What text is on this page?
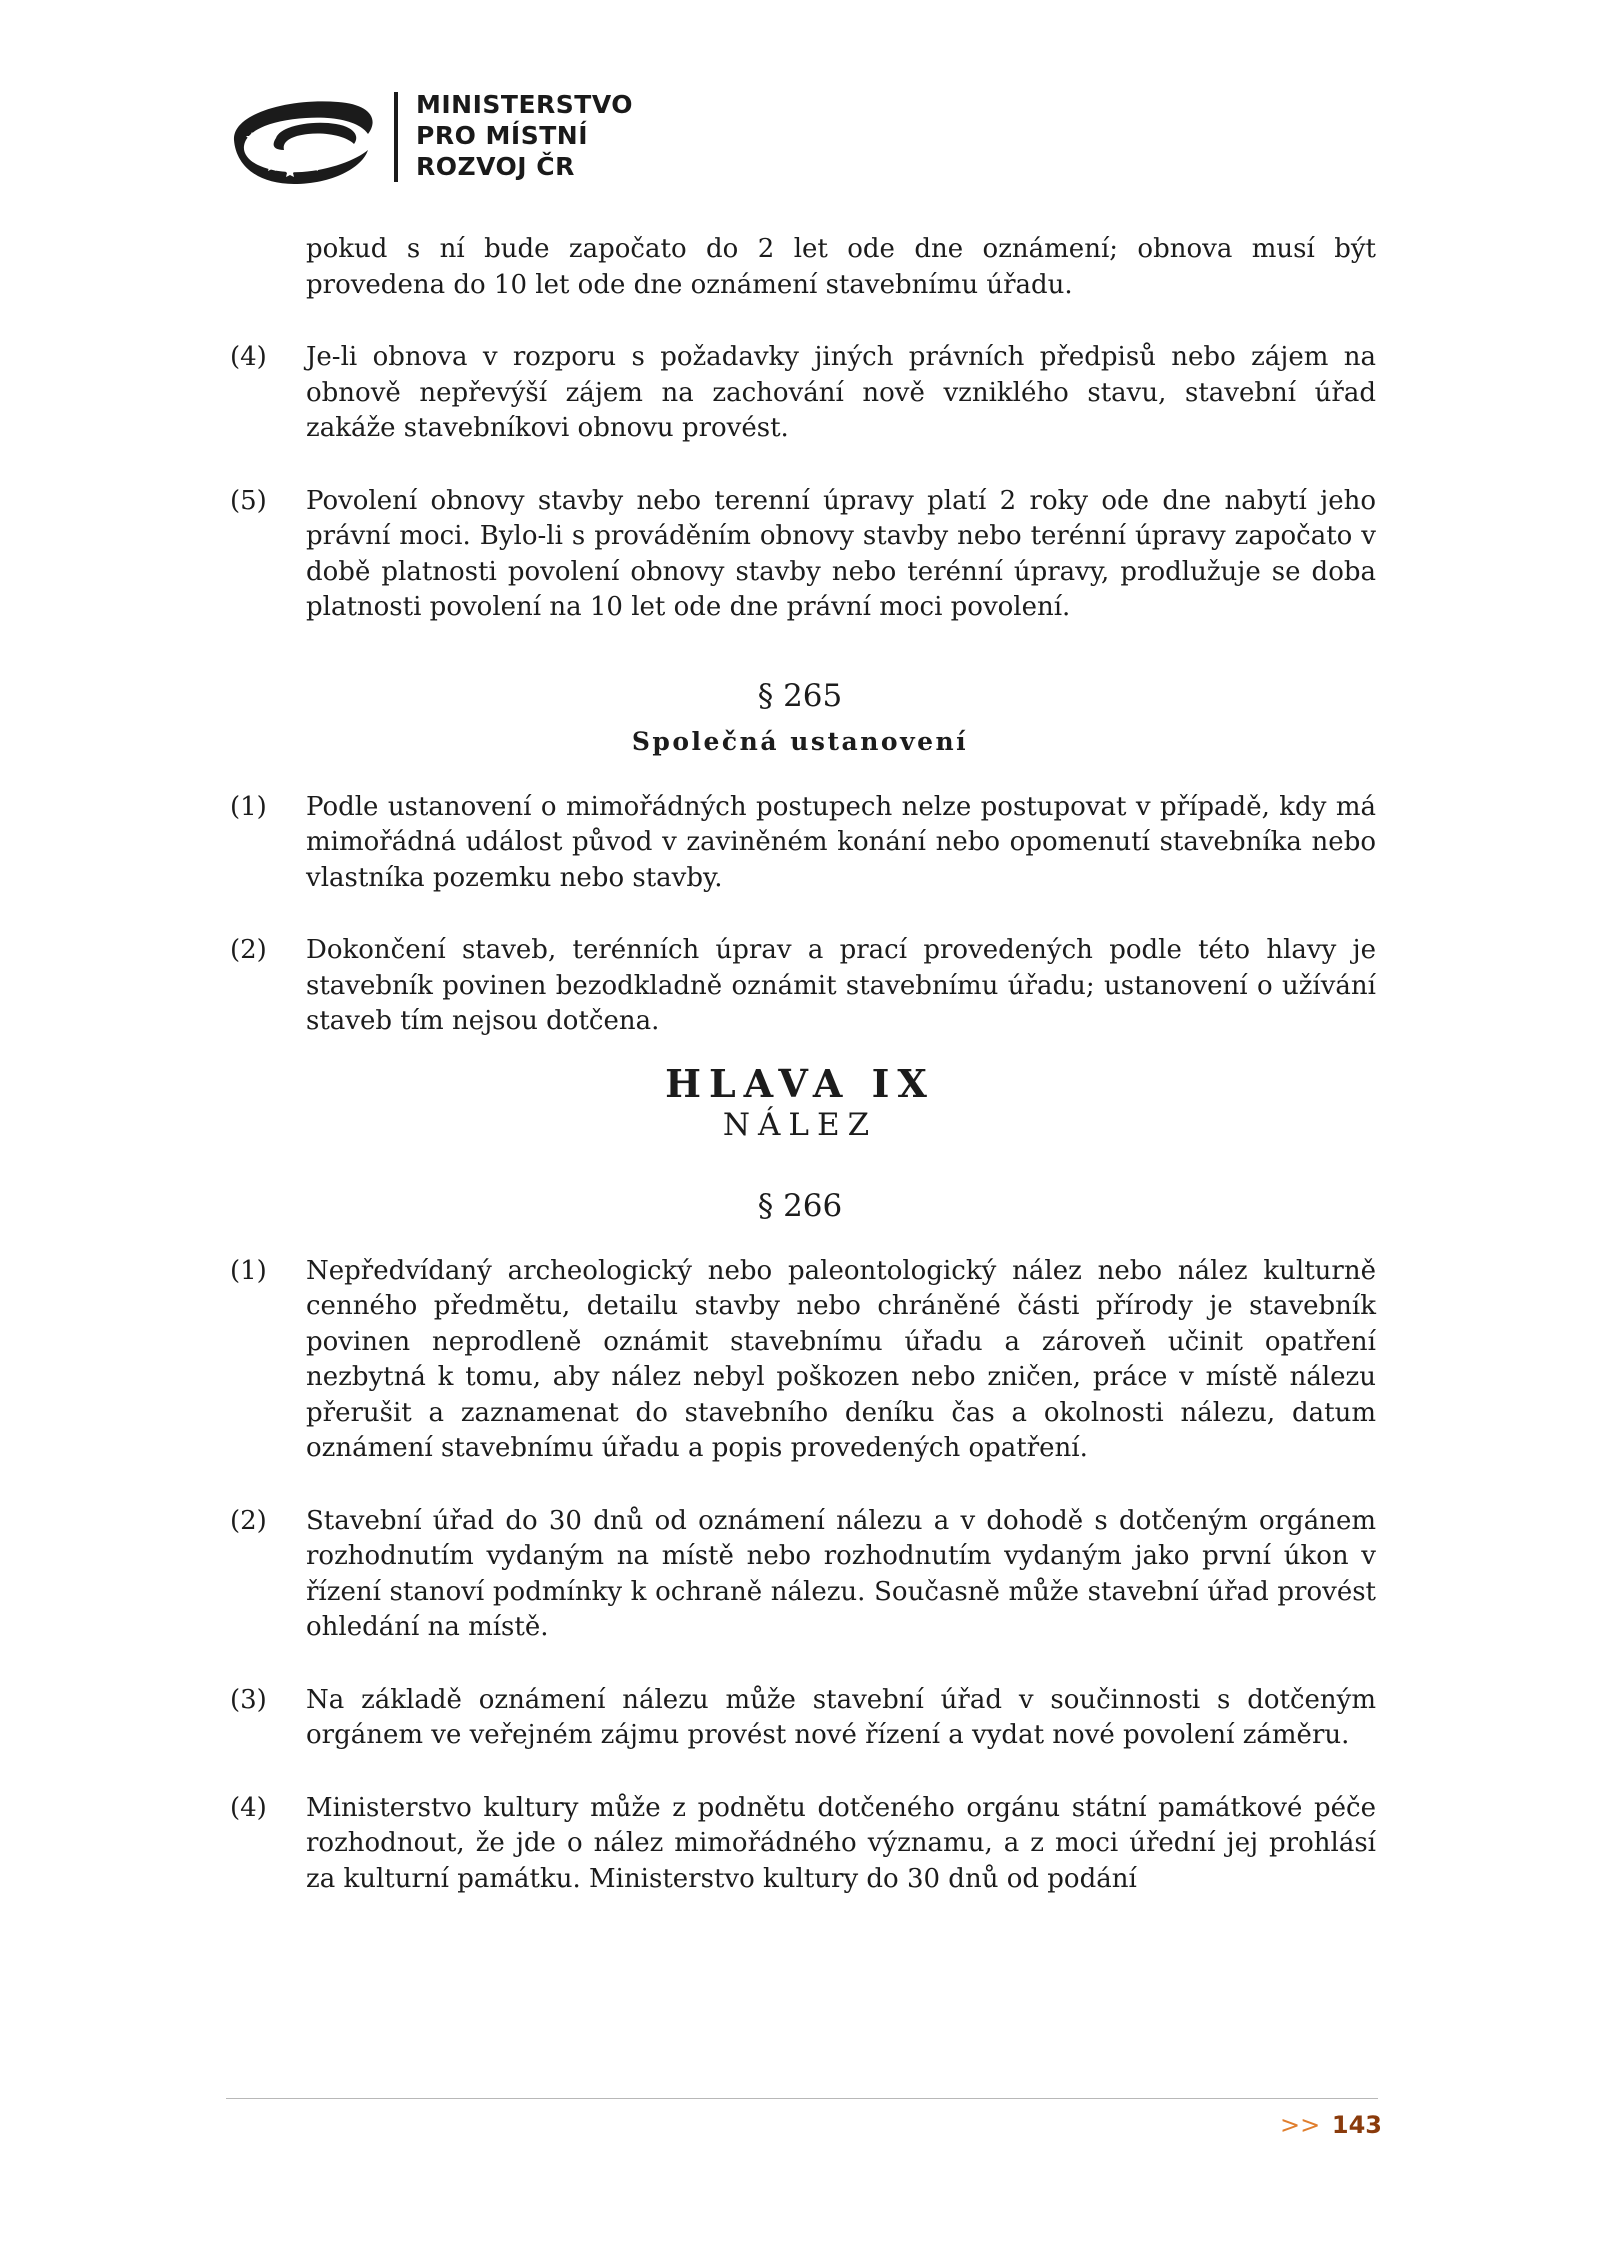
MINISTERSTVO
PRO MÍSTNÍ
ROZVOJ ČR
pokud s ní bude započato do 2 let ode dne oznámení; obnova musí být provedena do 10 let ode dne oznámení stavebnímu úřadu.
(4) Je-li obnova v rozporu s požadavky jiných právních předpisů nebo zájem na obnově nepřevýší zájem na zachování nově vzniklého stavu, stavební úřad zakáže stavebníkovi obnovu provést.
(5) Povolení obnovy stavby nebo terenní úpravy platí 2 roky ode dne nabytí jeho právní moci. Bylo-li s prováděním obnovy stavby nebo terénní úpravy započato v době platnosti povolení obnovy stavby nebo terénní úpravy, prodlužuje se doba platnosti povolení na 10 let ode dne právní moci povolení.
§ 265
Společná ustanovení
(1) Podle ustanovení o mimořádných postupech nelze postupovat v případě, kdy má mimořádná událost původ v zaviněném konání nebo opomenutí stavebníka nebo vlastníka pozemku nebo stavby.
(2) Dokončení staveb, terénních úprav a prací provedených podle této hlavy je stavebník povinen bezodkladně oznámit stavebnímu úřadu; ustanovení o užívání staveb tím nejsou dotčena.
HLAVA IX
NÁLEZ
§ 266
(1) Nepředvídaný archeologický nebo paleontologický nález nebo nález kulturně cenného předmětu, detailu stavby nebo chráněné části přírody je stavebník povinen neprodleně oznámit stavebnímu úřadu a zároveň učinit opatření nezbytná k tomu, aby nález nebyl poškozen nebo zničen, práce v místě nálezu přerušit a zaznamenat do stavebního deníku čas a okolnosti nálezu, datum oznámení stavebnímu úřadu a popis provedených opatření.
(2) Stavební úřad do 30 dnů od oznámení nálezu a v dohodě s dotčeným orgánem rozhodnutím vydaným na místě nebo rozhodnutím vydaným jako první úkon v řízení stanoví podmínky k ochraně nálezu. Současně může stavební úřad provést ohledání na místě.
(3) Na základě oznámení nálezu může stavební úřad v součinnosti s dotčeným orgánem ve veřejném zájmu provést nové řízení a vydat nové povolení záměru.
(4) Ministerstvo kultury může z podnětu dotčeného orgánu státní památkové péče rozhodnout, že jde o nález mimořádného významu, a z moci úřední jej prohlásí za kulturní památku. Ministerstvo kultury do 30 dnů od podání
>> 143
